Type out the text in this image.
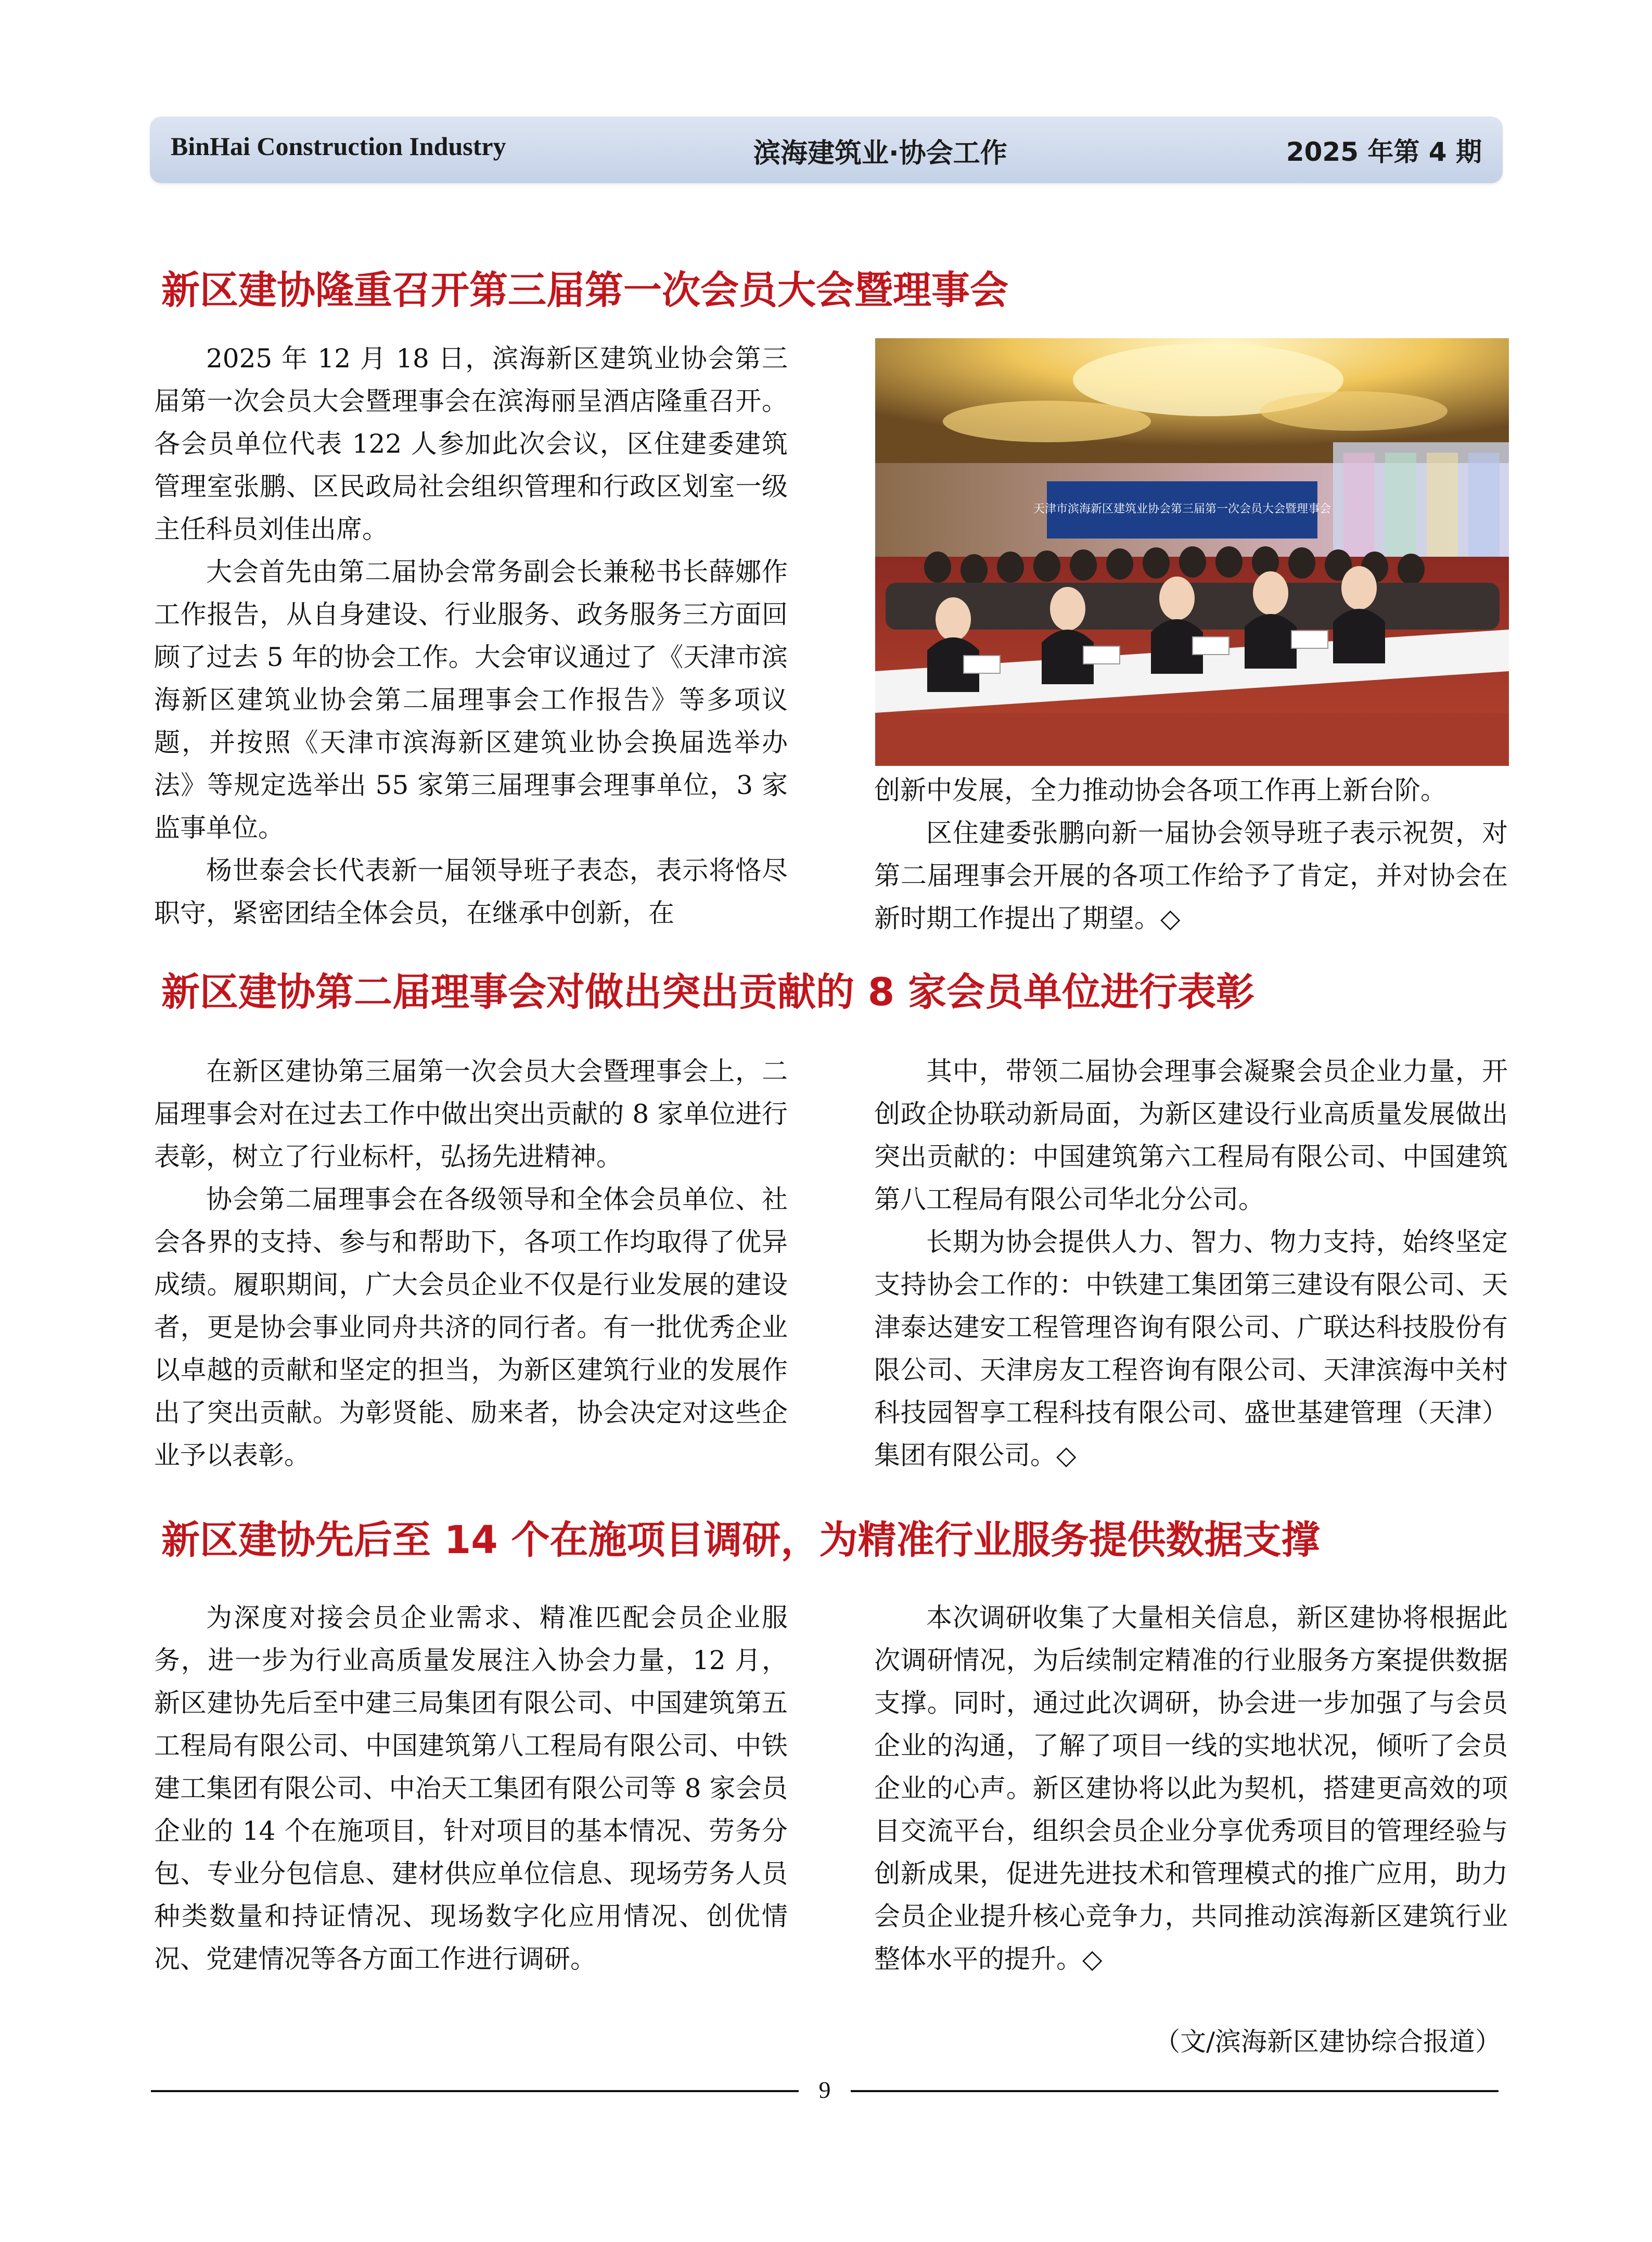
BinHai Construction Industry	滨海建筑业·协会工作	2025 年第 4 期
新区建协隆重召开第三届第一次会员大会暨理事会

2025 年 12 月 18 日，滨海新区建筑业协会第三届第一次会员大会暨理事会在滨海丽呈酒店隆重召开。各会员单位代表 122 人参加此次会议，区住建委建筑管理室张鹏、区民政局社会组织管理和行政区划室一级主任科员刘佳出席。

大会首先由第二届协会常务副会长兼秘书长薛娜作工作报告，从自身建设、行业服务、政务服务三方面回顾了过去 5 年的协会工作。大会审议通过了《天津市滨海新区建筑业协会第二届理事会工作报告》等多项议题，并按照《天津市滨海新区建筑业协会换届选举办法》等规定选举出 55 家第三届理事会理事单位，3 家监事单位。

杨世泰会长代表新一届领导班子表态，表示将恪尽职守，紧密团结全体会员，在继承中创新，在

天津市滨海新区建筑业协会第三届第一次会员大会暨理事会

创新中发展，全力推动协会各项工作再上新台阶。

区住建委张鹏向新一届协会领导班子表示祝贺，对第二届理事会开展的各项工作给予了肯定，并对协会在新时期工作提出了期望。◇

新区建协第二届理事会对做出突出贡献的 8 家会员单位进行表彰

在新区建协第三届第一次会员大会暨理事会上，二届理事会对在过去工作中做出突出贡献的 8 家单位进行表彰，树立了行业标杆，弘扬先进精神。

协会第二届理事会在各级领导和全体会员单位、社会各界的支持、参与和帮助下，各项工作均取得了优异成绩。履职期间，广大会员企业不仅是行业发展的建设者，更是协会事业同舟共济的同行者。有一批优秀企业以卓越的贡献和坚定的担当，为新区建筑行业的发展作出了突出贡献。为彰贤能、励来者，协会决定对这些企业予以表彰。

其中，带领二届协会理事会凝聚会员企业力量，开创政企协联动新局面，为新区建设行业高质量发展做出突出贡献的：中国建筑第六工程局有限公司、中国建筑第八工程局有限公司华北分公司。

长期为协会提供人力、智力、物力支持，始终坚定支持协会工作的：中铁建工集团第三建设有限公司、天津泰达建安工程管理咨询有限公司、广联达科技股份有限公司、天津房友工程咨询有限公司、天津滨海中关村科技园智享工程科技有限公司、盛世基建管理（天津）集团有限公司。◇

新区建协先后至 14 个在施项目调研，为精准行业服务提供数据支撑

为深度对接会员企业需求、精准匹配会员企业服务，进一步为行业高质量发展注入协会力量，12 月，新区建协先后至中建三局集团有限公司、中国建筑第五工程局有限公司、中国建筑第八工程局有限公司、中铁建工集团有限公司、中冶天工集团有限公司等 8 家会员企业的 14 个在施项目，针对项目的基本情况、劳务分包、专业分包信息、建材供应单位信息、现场劳务人员种类数量和持证情况、现场数字化应用情况、创优情况、党建情况等各方面工作进行调研。

本次调研收集了大量相关信息，新区建协将根据此次调研情况，为后续制定精准的行业服务方案提供数据支撑。同时，通过此次调研，协会进一步加强了与会员企业的沟通，了解了项目一线的实地状况，倾听了会员企业的心声。新区建协将以此为契机，搭建更高效的项目交流平台，组织会员企业分享优秀项目的管理经验与创新成果，促进先进技术和管理模式的推广应用，助力会员企业提升核心竞争力，共同推动滨海新区建筑行业整体水平的提升。◇

（文/滨海新区建协综合报道）
9
